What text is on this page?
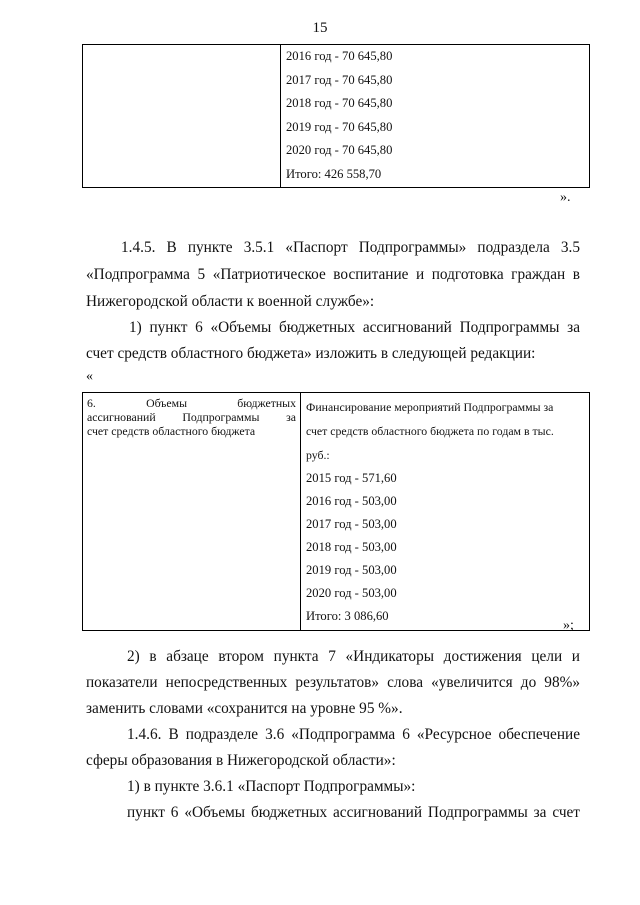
15

2016 год - 70 645,80
2017 год - 70 645,80
2018 год - 70 645,80
2019 год - 70 645,80
2020 год - 70 645,80
Итого: 426 558,70
».
1.4.5. В пункте 3.5.1 «Паспорт Подпрограммы» подраздела 3.5
«Подпрограмма 5 «Патриотическое воспитание и подготовка граждан в
Нижегородской области к военной службе»:
1) пункт 6 «Объемы бюджетных ассигнований Подпрограммы за
счет средств областного бюджета» изложить в следующей редакции:
«
6. Объемы бюджетных
ассигнований Подпрограммы за
счет средств областного бюджета

Финансирование мероприятий Подпрограммы за
счет средств областного бюджета по годам в тыс.
руб.:
2015 год - 571,60
2016 год - 503,00
2017 год - 503,00
2018 год - 503,00
2019 год - 503,00
2020 год - 503,00
Итого: 3 086,60
»;
2) в абзаце втором пункта 7 «Индикаторы достижения цели и
показатели непосредственных результатов» слова «увеличится до 98%»
заменить словами «сохранится на уровне 95 %».
1.4.6. В подразделе 3.6 «Подпрограмма 6 «Ресурсное обеспечение
сферы образования в Нижегородской области»:
1) в пункте 3.6.1 «Паспорт Подпрограммы»:
пункт 6 «Объемы бюджетных ассигнований Подпрограммы за счет
